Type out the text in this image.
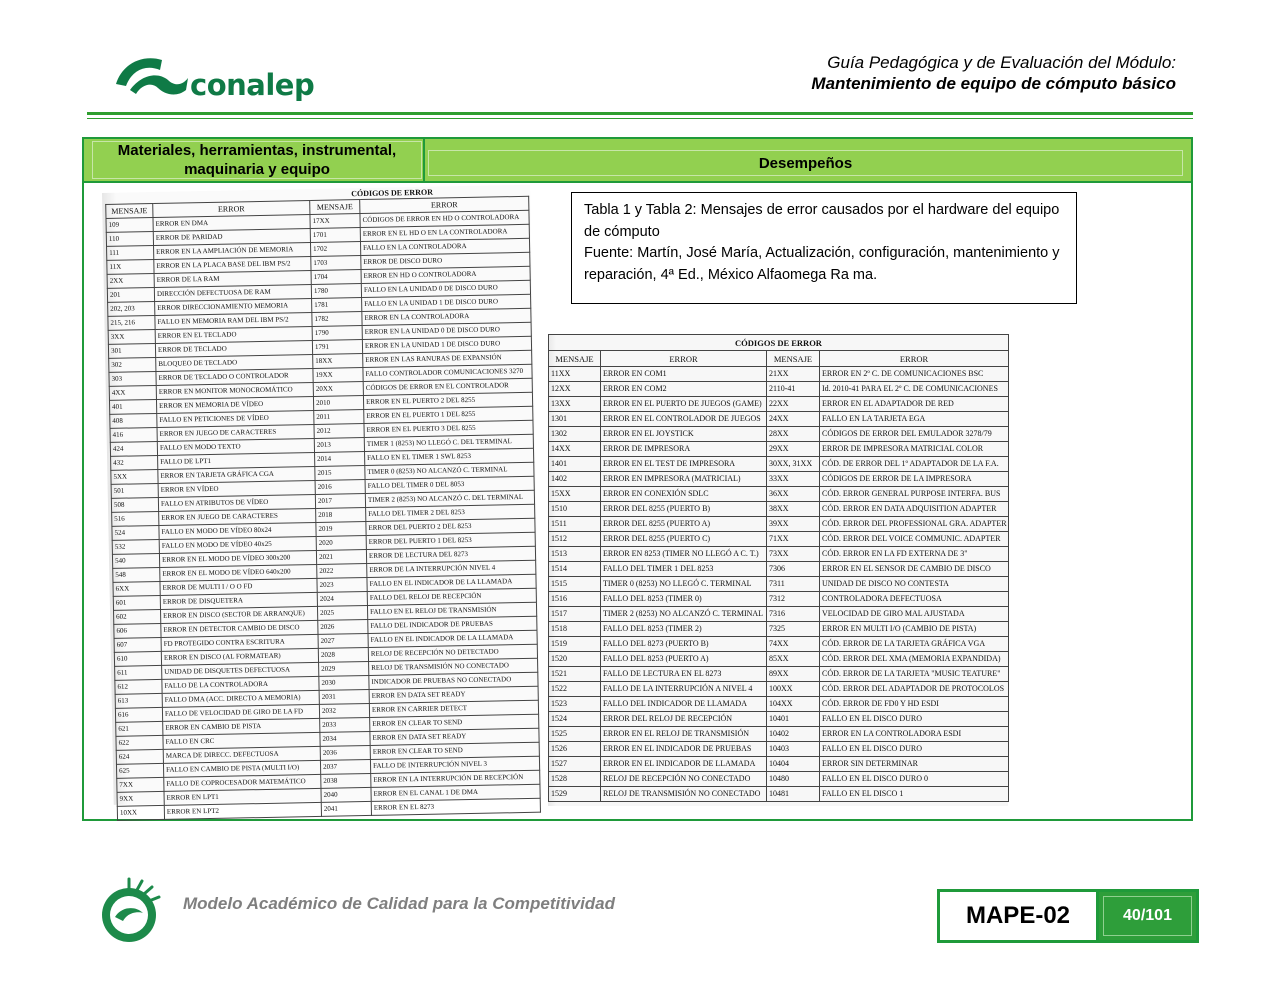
conalep
Guía Pedagógica y de Evaluación del Módulo:
Mantenimiento de equipo de cómputo básico
Materiales, herramientas, instrumental, maquinaria y equipo	Desempeños
CÓDIGOS DE ERROR
MENSAJE	ERROR	MENSAJE	ERROR
109	ERROR EN DMA	17XX	CÓDIGOS DE ERROR EN HD O CONTROLADORA
110	ERROR DE PARIDAD	1701	ERROR EN EL HD O EN LA CONTROLADORA
111	ERROR EN LA AMPLIACIÓN DE MEMORIA	1702	FALLO EN LA CONTROLADORA
11X	ERROR EN LA PLACA BASE DEL IBM PS/2	1703	ERROR DE DISCO DURO
2XX	ERROR DE LA RAM	1704	ERROR EN HD O CONTROLADORA
201	DIRECCIÓN DEFECTUOSA DE RAM	1780	FALLO EN LA UNIDAD 0 DE DISCO DURO
202, 203	ERROR DIRECCIONAMIENTO MEMORIA	1781	FALLO EN LA UNIDAD 1 DE DISCO DURO
215, 216	FALLO EN MEMORIA RAM DEL IBM PS/2	1782	ERROR EN LA CONTROLADORA
3XX	ERROR EN EL TECLADO	1790	ERROR EN LA UNIDAD 0 DE DISCO DURO
301	ERROR DE TECLADO	1791	ERROR EN LA UNIDAD 1 DE DISCO DURO
302	BLOQUEO DE TECLADO	18XX	ERROR EN LAS RANURAS DE EXPANSIÓN
303	ERROR DE TECLADO O CONTROLADOR	19XX	FALLO CONTROLADOR COMUNICACIONES 3270
4XX	ERROR EN MONITOR MONOCROMÁTICO	20XX	CÓDIGOS DE ERROR EN EL CONTROLADOR
401	ERROR EN MEMORIA DE VÍDEO	2010	ERROR EN EL PUERTO 2 DEL 8255
408	FALLO EN PETICIONES DE VÍDEO	2011	ERROR EN EL PUERTO 1 DEL 8255
416	ERROR EN JUEGO DE CARACTERES	2012	ERROR EN EL PUERTO 3 DEL 8255
424	FALLO EN MODO TEXTO	2013	TIMER 1 (8253) NO LLEGÓ C. DEL TERMINAL
432	FALLO DE LPT1	2014	FALLO EN EL TIMER 1 SWL 8253
5XX	ERROR EN TARJETA GRÁFICA CGA	2015	TIMER 0 (8253) NO ALCANZÓ C. TERMINAL
501	ERROR EN VÍDEO	2016	FALLO DEL TIMER 0 DEL 8053
508	FALLO EN ATRIBUTOS DE VÍDEO	2017	TIMER 2 (8253) NO ALCANZÓ C. DEL TERMINAL
516	ERROR EN JUEGO DE CARACTERES	2018	FALLO DEL TIMER 2 DEL 8253
524	FALLO EN MODO DE VÍDEO 80x24	2019	ERROR DEL PUERTO 2 DEL 8253
532	FALLO EN MODO DE VÍDEO 40x25	2020	ERROR DEL PUERTO 1 DEL 8253
540	ERROR EN EL MODO DE VÍDEO 300x200	2021	ERROR DE LECTURA DEL 8273
548	ERROR EN EL MODO DE VÍDEO 640x200	2022	ERROR DE LA INTERRUPCIÓN NIVEL 4
6XX	ERROR DE MULTI I / O O FD	2023	FALLO EN EL INDICADOR DE LA LLAMADA
601	ERROR DE DISQUETERA	2024	FALLO DEL RELOJ DE RECEPCIÓN
602	ERROR EN DISCO (SECTOR DE ARRANQUE)	2025	FALLO EN EL RELOJ DE TRANSMISIÓN
606	ERROR EN DETECTOR CAMBIO DE DISCO	2026	FALLO DEL INDICADOR DE PRUEBAS
607	FD PROTEGIDO CONTRA ESCRITURA	2027	FALLO EN EL INDICADOR DE LA LLAMADA
610	ERROR EN DISCO (AL FORMATEAR)	2028	RELOJ DE RECEPCIÓN NO DETECTADO
611	UNIDAD DE DISQUETES DEFECTUOSA	2029	RELOJ DE TRANSMISIÓN NO CONECTADO
612	FALLO DE LA CONTROLADORA	2030	INDICADOR DE PRUEBAS NO CONECTADO
613	FALLO DMA (ACC. DIRECTO A MEMORIA)	2031	ERROR EN DATA SET READY
616	FALLO DE VELOCIDAD DE GIRO DE LA FD	2032	ERROR EN CARRIER DETECT
621	ERROR EN CAMBIO DE PISTA	2033	ERROR EN CLEAR TO SEND
622	FALLO EN CRC	2034	ERROR EN DATA SET READY
624	MARCA DE DIRECC. DEFECTUOSA	2036	ERROR EN CLEAR TO SEND
625	FALLO EN CAMBIO DE PISTA (MULTI I/O)	2037	FALLO DE INTERRUPCIÓN NIVEL 3
7XX	FALLO DE COPROCESADOR MATEMÁTICO	2038	ERROR EN LA INTERRUPCIÓN DE RECEPCIÓN
9XX	ERROR EN LPT1	2040	ERROR EN EL CANAL 1 DE DMA
10XX	ERROR EN LPT2	2041	ERROR EN EL 8273
Tabla 1 y Tabla 2: Mensajes de error causados por el hardware del equipo de cómputo
Fuente: Martín, José María, Actualización, configuración, mantenimiento y reparación, 4ª Ed., México Alfaomega Ra ma.
CÓDIGOS DE ERROR
MENSAJE	ERROR	MENSAJE	ERROR
11XX	ERROR EN COM1	21XX	ERROR EN 2º C. DE COMUNICACIONES BSC
12XX	ERROR EN COM2	2110-41	Id. 2010-41 PARA EL 2º C. DE COMUNICACIONES
13XX	ERROR EN EL PUERTO DE JUEGOS (GAME)	22XX	ERROR EN EL ADAPTADOR DE RED
1301	ERROR EN EL CONTROLADOR DE JUEGOS	24XX	FALLO EN LA TARJETA EGA
1302	ERROR EN EL JOYSTICK	28XX	CÓDIGOS DE ERROR DEL EMULADOR 3278/79
14XX	ERROR DE IMPRESORA	29XX	ERROR DE IMPRESORA MATRICIAL COLOR
1401	ERROR EN EL TEST DE IMPRESORA	30XX, 31XX	CÓD. DE ERROR DEL 1º ADAPTADOR DE LA F.A.
1402	ERROR EN IMPRESORA (MATRICIAL)	33XX	CÓDIGOS DE ERROR DE LA IMPRESORA
15XX	ERROR EN CONEXIÓN SDLC	36XX	CÓD. ERROR GENERAL PURPOSE INTERFA. BUS
1510	ERROR DEL 8255 (PUERTO B)	38XX	CÓD. ERROR EN DATA ADQUISITION ADAPTER
1511	ERROR DEL 8255 (PUERTO A)	39XX	CÓD. ERROR DEL PROFESSIONAL GRA. ADAPTER
1512	ERROR DEL 8255 (PUERTO C)	71XX	CÓD. ERROR DEL VOICE COMMUNIC. ADAPTER
1513	ERROR EN 8253 (TIMER NO LLEGÓ A C. T.)	73XX	CÓD. ERROR EN LA FD EXTERNA DE 3"
1514	FALLO DEL TIMER 1 DEL 8253	7306	ERROR EN EL SENSOR DE CAMBIO DE DISCO
1515	TIMER 0 (8253) NO LLEGÓ C. TERMINAL	7311	UNIDAD DE DISCO NO CONTESTA
1516	FALLO DEL 8253 (TIMER 0)	7312	CONTROLADORA DEFECTUOSA
1517	TIMER 2 (8253) NO ALCANZÓ C. TERMINAL	7316	VELOCIDAD DE GIRO MAL AJUSTADA
1518	FALLO DEL 8253 (TIMER 2)	7325	ERROR EN MULTI I/O (CAMBIO DE PISTA)
1519	FALLO DEL 8273 (PUERTO B)	74XX	CÓD. ERROR DE LA TARJETA GRÁFICA VGA
1520	FALLO DEL 8253 (PUERTO A)	85XX	CÓD. ERROR DEL XMA (MEMORIA EXPANDIDA)
1521	FALLO DE LECTURA EN EL 8273	89XX	CÓD. ERROR DE LA TARJETA "MUSIC TEATURE"
1522	FALLO DE LA INTERRUPCIÓN A NIVEL 4	100XX	CÓD. ERROR DEL ADAPTADOR DE PROTOCOLOS
1523	FALLO DEL INDICADOR DE LLAMADA	104XX	CÓD. ERROR DE FD0 Y HD ESDI
1524	ERROR DEL RELOJ DE RECEPCIÓN	10401	FALLO EN EL DISCO DURO
1525	ERROR EN EL RELOJ DE TRANSMISIÓN	10402	ERROR EN LA CONTROLADORA ESDI
1526	ERROR EN EL INDICADOR DE PRUEBAS	10403	FALLO EN EL DISCO DURO
1527	ERROR EN EL INDICADOR DE LLAMADA	10404	ERROR SIN DETERMINAR
1528	RELOJ DE RECEPCIÓN NO CONECTADO	10480	FALLO EN EL DISCO DURO 0
1529	RELOJ DE TRANSMISIÓN NO CONECTADO	10481	FALLO EN EL DISCO 1
Modelo Académico de Calidad para la Competitividad	MAPE-02	40/101
